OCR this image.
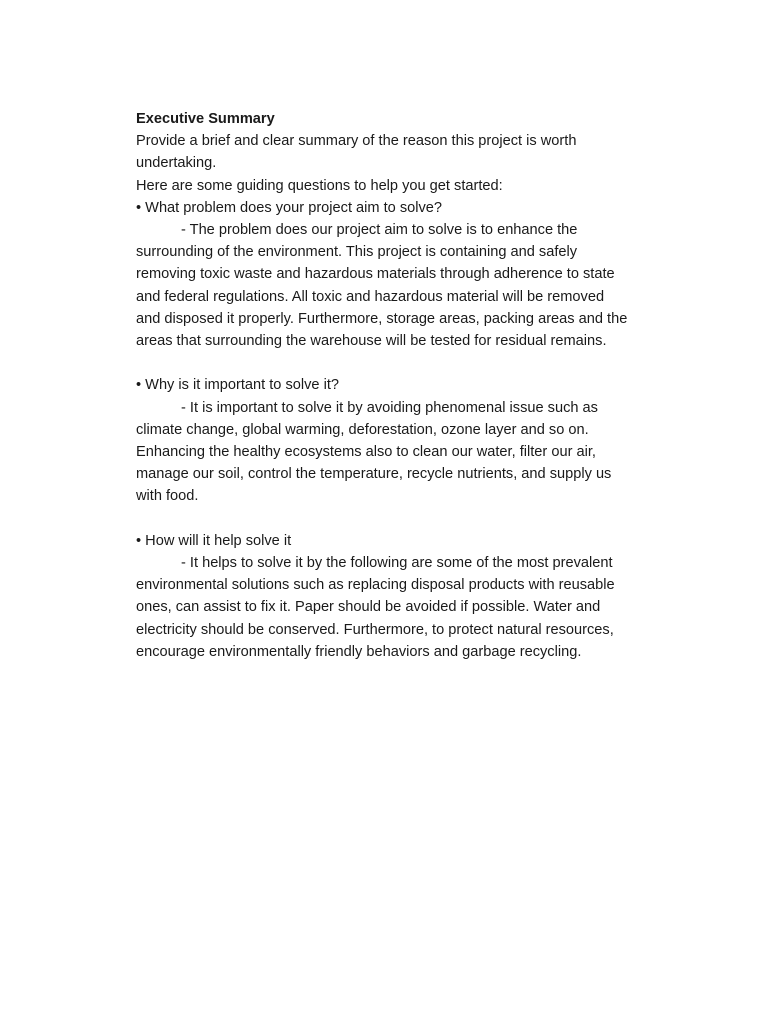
Executive Summary
Provide a brief and clear summary of the reason this project is worth
undertaking.
Here are some guiding questions to help you get started:
• What problem does your project aim to solve?
- The problem does our project aim to solve is to enhance the
surrounding of the environment. This project is containing and safely
removing toxic waste and hazardous materials through adherence to state
and federal regulations. All toxic and hazardous material will be removed
and disposed it properly. Furthermore, storage areas, packing areas and the
areas that surrounding the warehouse will be tested for residual remains.
• Why is it important to solve it?
- It is important to solve it by avoiding phenomenal issue such as
climate change, global warming, deforestation, ozone layer and so on.
Enhancing the healthy ecosystems also to clean our water, filter our air,
manage our soil, control the temperature, recycle nutrients, and supply us
with food.
• How will it help solve it
- It helps to solve it by the following are some of the most prevalent
environmental solutions such as replacing disposal products with reusable
ones, can assist to fix it. Paper should be avoided if possible. Water and
electricity should be conserved. Furthermore, to protect natural resources,
encourage environmentally friendly behaviors and garbage recycling.
